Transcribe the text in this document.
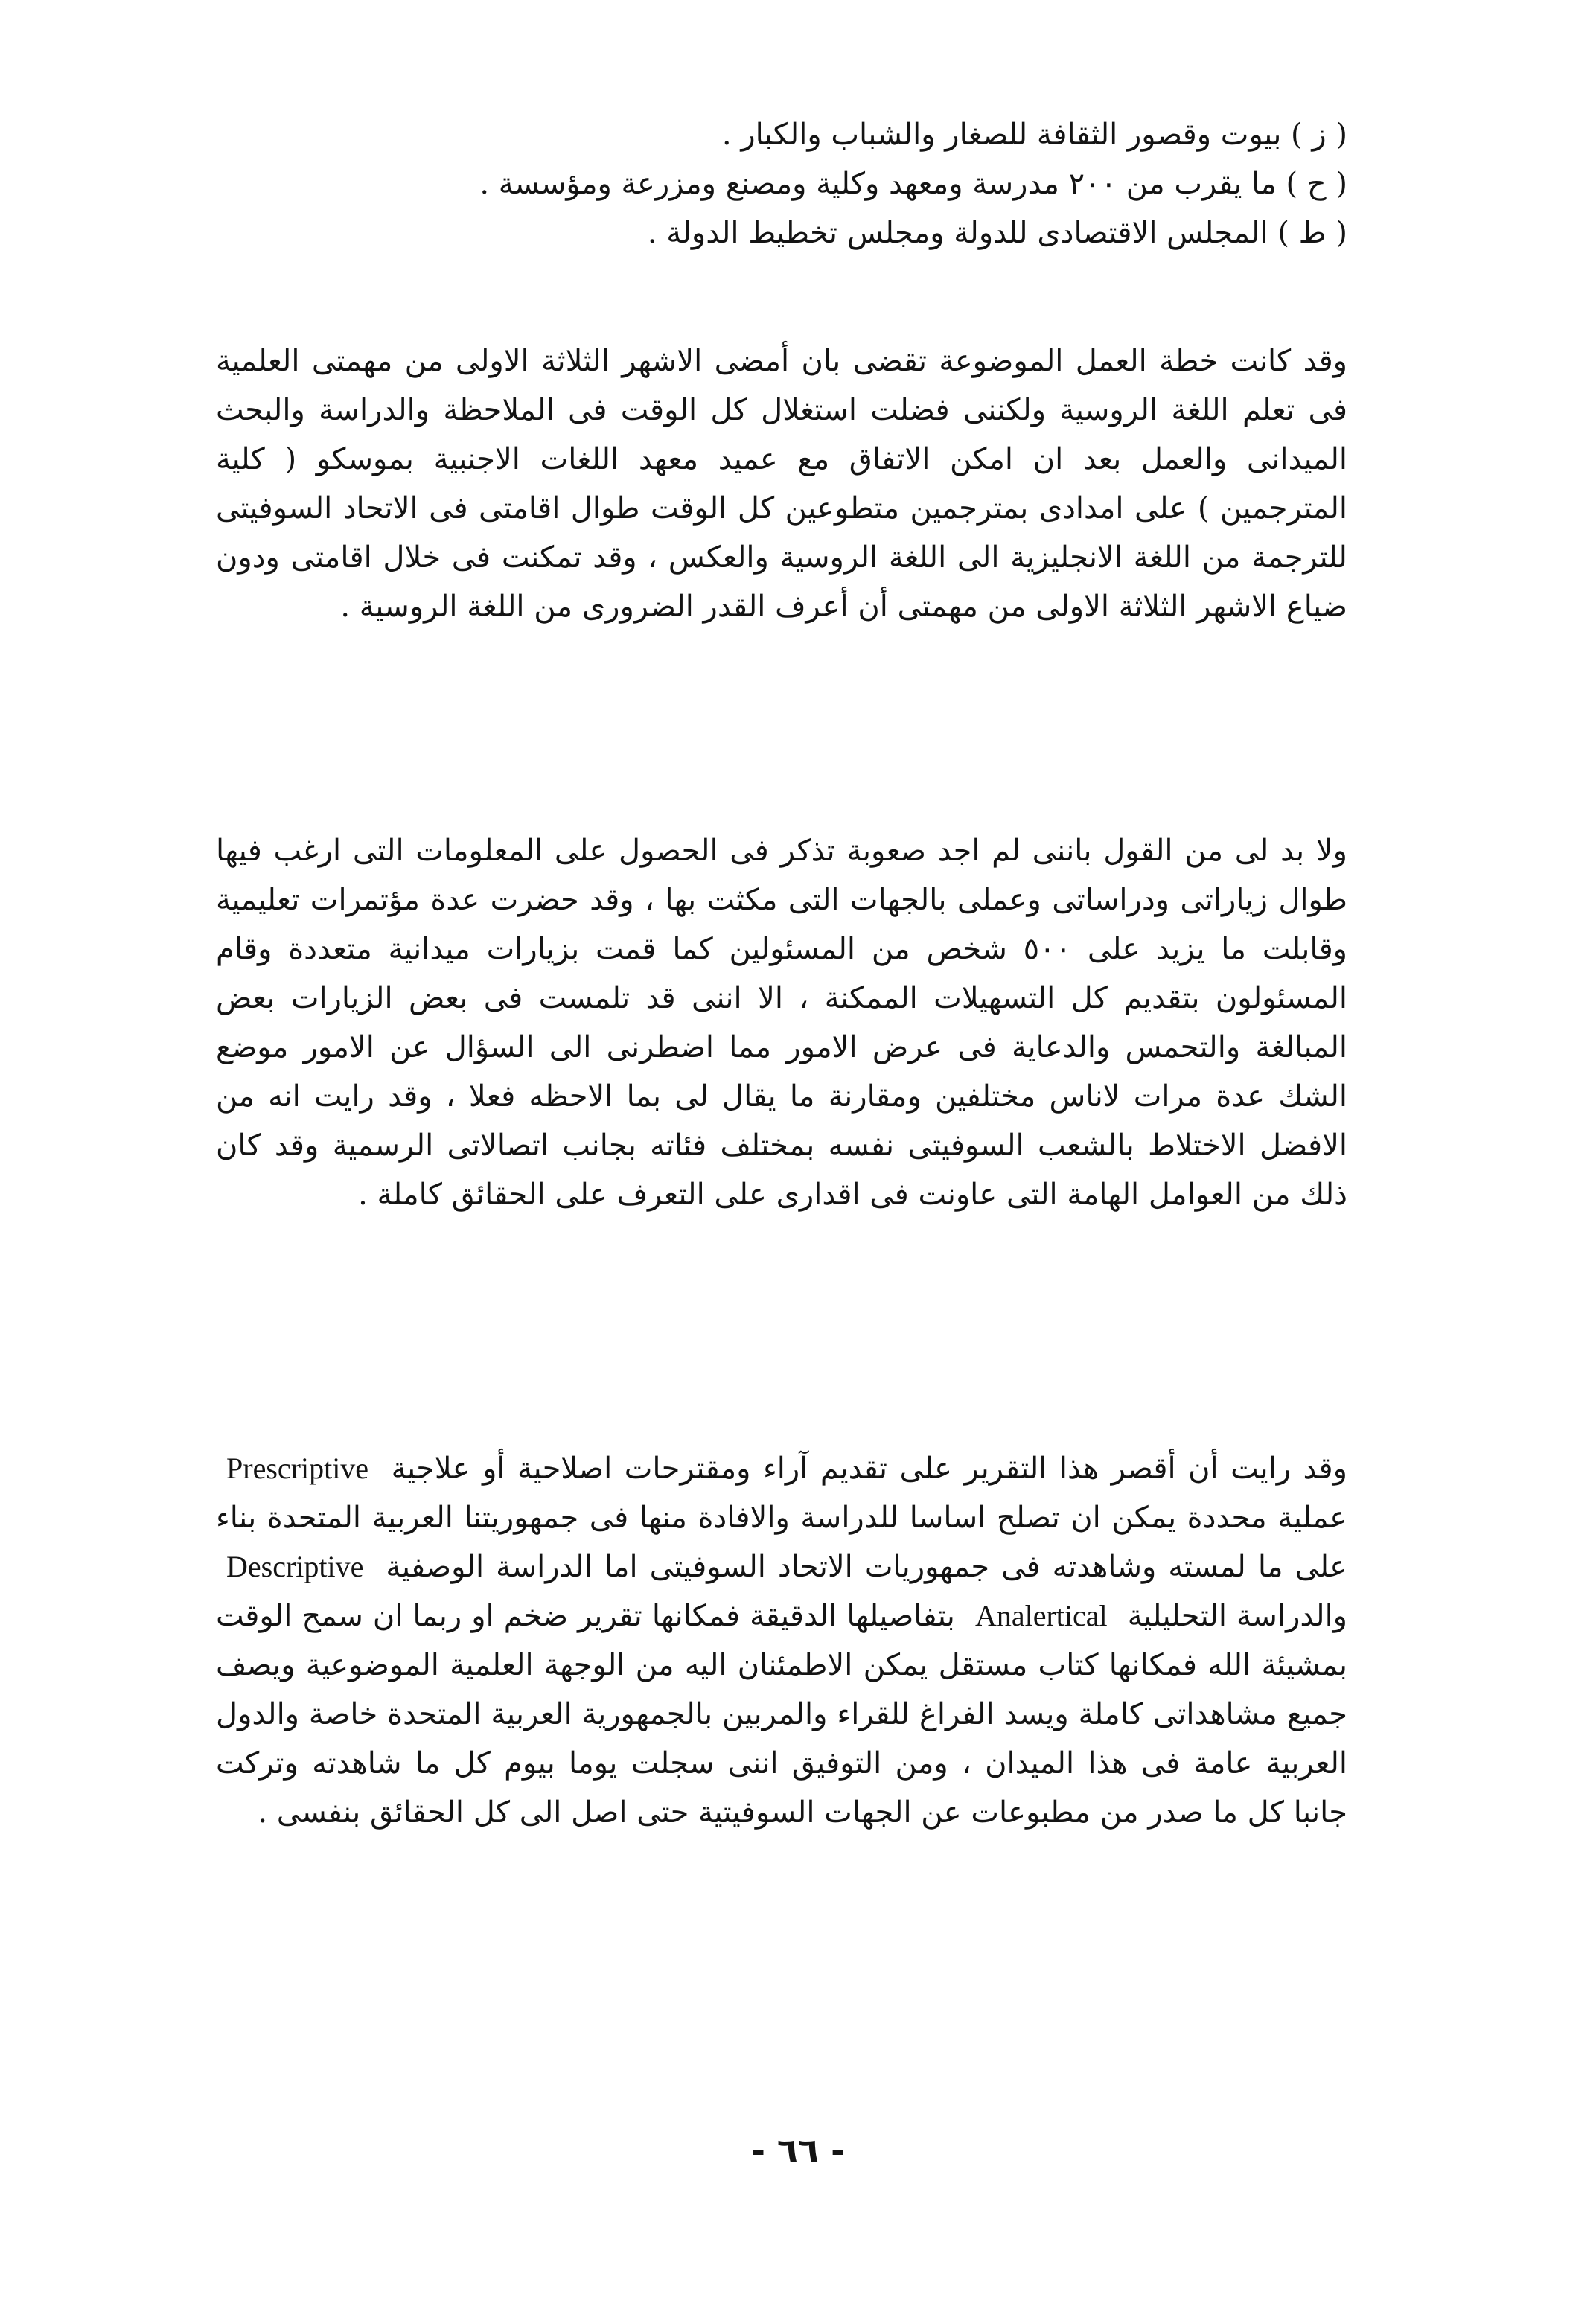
( ز ) بيوت وقصور الثقافة للصغار والشباب والكبار .
( ح ) ما يقرب من ۲۰۰ مدرسة ومعهد وكلية ومصنع ومزرعة ومؤسسة .
( ط ) المجلس الاقتصادى للدولة ومجلس تخطيط الدولة .

وقد كانت خطة العمل الموضوعة تقضى بان أمضى الاشهر الثلاثة الاولى من مهمتى العلمية فى تعلم اللغة الروسية ولكننى فضلت استغلال كل الوقت فى الملاحظة والدراسة والبحث الميدانى والعمل بعد ان امكن الاتفاق مع عميد معهد اللغات الاجنبية بموسكو ( كلية المترجمين ) على امدادى بمترجمين متطوعين كل الوقت طوال اقامتى فى الاتحاد السوفيتى للترجمة من اللغة الانجليزية الى اللغة الروسية والعكس ، وقد تمكنت فى خلال اقامتى ودون ضياع الاشهر الثلاثة الاولى من مهمتى أن أعرف القدر الضرورى من اللغة الروسية .

ولا بد لى من القول باننى لم اجد صعوبة تذكر فى الحصول على المعلومات التى ارغب فيها طوال زياراتى ودراساتى وعملى بالجهات التى مكثت بها ، وقد حضرت عدة مؤتمرات تعليمية وقابلت ما يزيد على ٥٠٠ شخص من المسئولين كما قمت بزيارات ميدانية متعددة وقام المسئولون بتقديم كل التسهيلات الممكنة ، الا اننى قد تلمست فى بعض الزيارات بعض المبالغة والتحمس والدعاية فى عرض الامور مما اضطرنى الى السؤال عن الامور موضع الشك عدة مرات لاناس مختلفين ومقارنة ما يقال لى بما الاحظه فعلا ، وقد رايت انه من الافضل الاختلاط بالشعب السوفيتى نفسه بمختلف فئاته بجانب اتصالاتى الرسمية وقد كان ذلك من العوامل الهامة التى عاونت فى اقدارى على التعرف على الحقائق كاملة .

وقد رايت أن أقصر هذا التقرير على تقديم آراء ومقترحات اصلاحية أو علاجية Prescriptive عملية محددة يمكن ان تصلح اساسا للدراسة والافادة منها فى جمهوريتنا العربية المتحدة بناء على ما لمسته وشاهدته فى جمهوريات الاتحاد السوفيتى اما الدراسة الوصفية Descriptive والدراسة التحليلية Analertical بتفاصيلها الدقيقة فمكانها تقرير ضخم او ربما ان سمح الوقت بمشيئة الله فمكانها كتاب مستقل يمكن الاطمئنان اليه من الوجهة العلمية الموضوعية ويصف جميع مشاهداتى كاملة ويسد الفراغ للقراء والمربين بالجمهورية العربية المتحدة خاصة والدول العربية عامة فى هذا الميدان ، ومن التوفيق اننى سجلت يوما بيوم كل ما شاهدته وتركت جانبا كل ما صدر من مطبوعات عن الجهات السوفيتية حتى اصل الى كل الحقائق بنفسى .

- ٦٦ -
